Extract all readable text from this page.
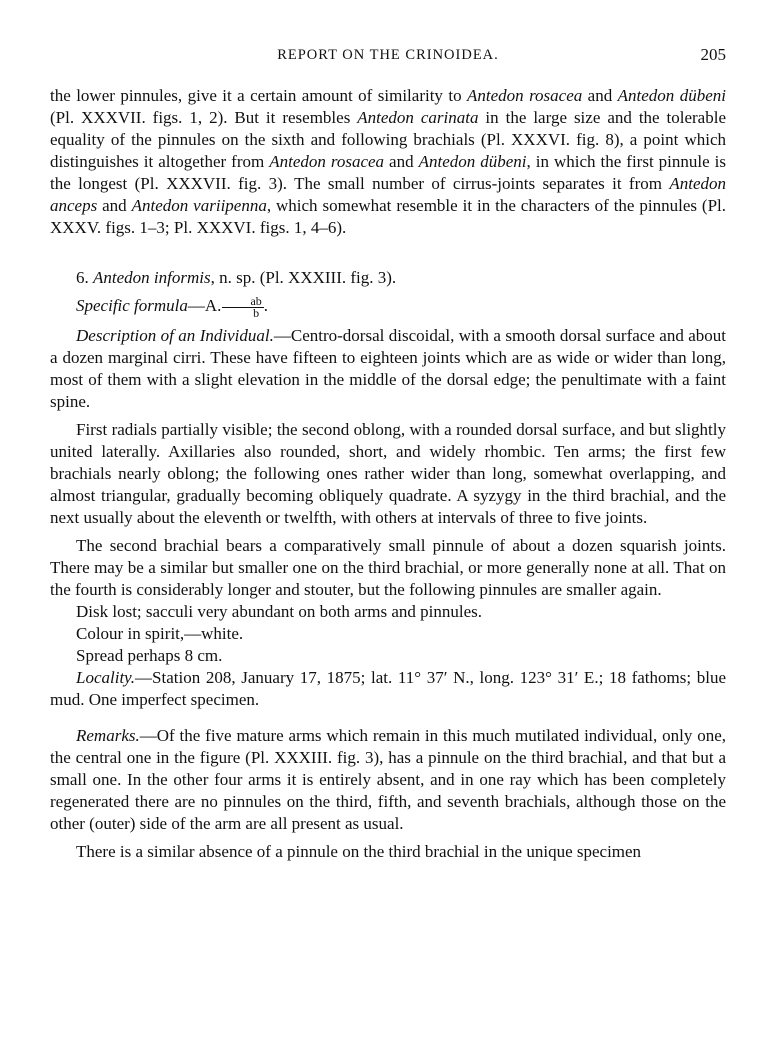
REPORT ON THE CRINOIDEA.	205

the lower pinnules, give it a certain amount of similarity to Antedon rosacea and Antedon dübeni (Pl. XXXVII. figs. 1, 2). But it resembles Antedon carinata in the large size and the tolerable equality of the pinnules on the sixth and following brachials (Pl. XXXVI. fig. 8), a point which distinguishes it altogether from Antedon rosacea and Antedon dübeni, in which the first pinnule is the longest (Pl. XXXVII. fig. 3). The small number of cirrus-joints separates it from Antedon anceps and Antedon variipenna, which somewhat resemble it in the characters of the pinnules (Pl. XXXV. figs. 1–3; Pl. XXXVI. figs. 1, 4–6).

6. Antedon informis, n. sp. (Pl. XXXIII. fig. 3).

Specific formula—A. $\frac{ab}{b}$ .

Description of an Individual.—Centro-dorsal discoidal, with a smooth dorsal surface and about a dozen marginal cirri. These have fifteen to eighteen joints which are as wide or wider than long, most of them with a slight elevation in the middle of the dorsal edge; the penultimate with a faint spine.

First radials partially visible; the second oblong, with a rounded dorsal surface, and but slightly united laterally. Axillaries also rounded, short, and widely rhombic. Ten arms; the first few brachials nearly oblong; the following ones rather wider than long, somewhat overlapping, and almost triangular, gradually becoming obliquely quadrate. A syzygy in the third brachial, and the next usually about the eleventh or twelfth, with others at intervals of three to five joints.

The second brachial bears a comparatively small pinnule of about a dozen squarish joints. There may be a similar but smaller one on the third brachial, or more generally none at all. That on the fourth is considerably longer and stouter, but the following pinnules are smaller again.

Disk lost; sacculi very abundant on both arms and pinnules.

Colour in spirit,—white.

Spread perhaps 8 cm.

Locality.—Station 208, January 17, 1875; lat. 11° 37′ N., long. 123° 31′ E.; 18 fathoms; blue mud. One imperfect specimen.

Remarks.—Of the five mature arms which remain in this much mutilated individual, only one, the central one in the figure (Pl. XXXIII. fig. 3), has a pinnule on the third brachial, and that but a small one. In the other four arms it is entirely absent, and in one ray which has been completely regenerated there are no pinnules on the third, fifth, and seventh brachials, although those on the other (outer) side of the arm are all present as usual.

There is a similar absence of a pinnule on the third brachial in the unique specimen
